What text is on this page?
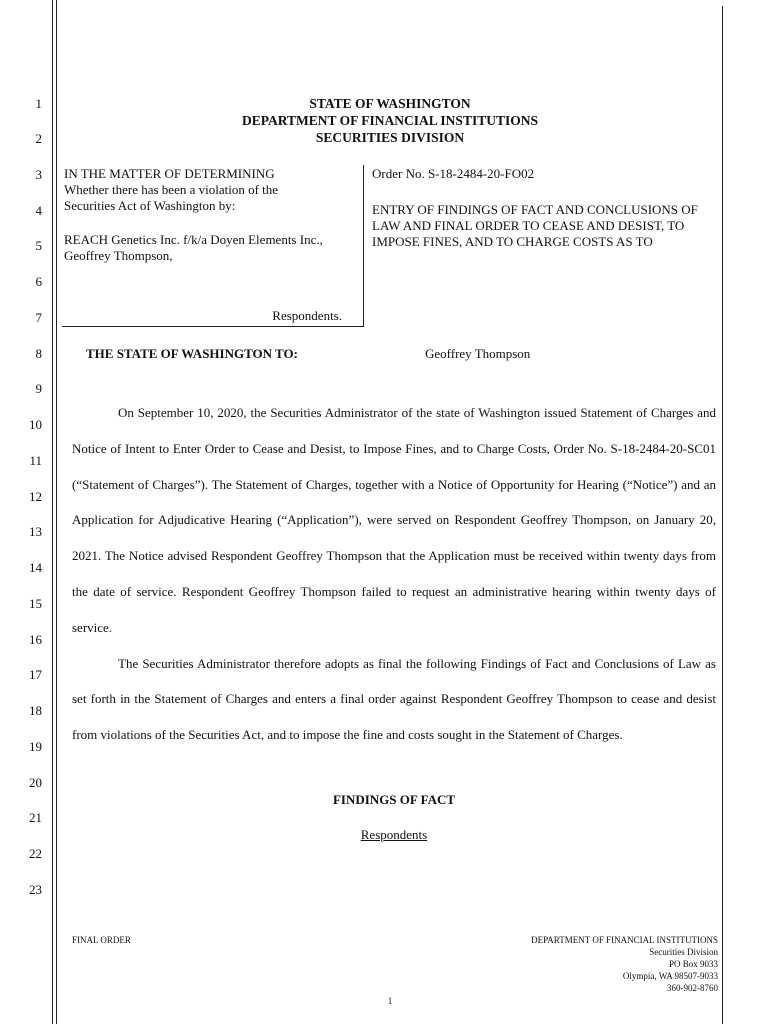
1
2
3
4
5
6
7
8
9
10
11
12
13
14
15
16
17
18
19
20
21
22
23
STATE OF WASHINGTON
DEPARTMENT OF FINANCIAL INSTITUTIONS
SECURITIES DIVISION
IN THE MATTER OF DETERMINING
Whether there has been a violation of the
Securities Act of Washington by:
REACH Genetics Inc. f/k/a Doyen Elements Inc.,
Geoffrey Thompson,
Respondents.
Order No. S-18-2484-20-FO02
ENTRY OF FINDINGS OF FACT AND CONCLUSIONS OF LAW AND FINAL ORDER TO CEASE AND DESIST, TO IMPOSE FINES, AND TO CHARGE COSTS AS TO
THE STATE OF WASHINGTON TO:	Geoffrey Thompson

On September 10, 2020, the Securities Administrator of the state of Washington issued Statement of Charges and Notice of Intent to Enter Order to Cease and Desist, to Impose Fines, and to Charge Costs, Order No. S-18-2484-20-SC01 (“Statement of Charges”). The Statement of Charges, together with a Notice of Opportunity for Hearing (“Notice”) and an Application for Adjudicative Hearing (“Application”), were served on Respondent Geoffrey Thompson, on January 20, 2021. The Notice advised Respondent Geoffrey Thompson that the Application must be received within twenty days from the date of service. Respondent Geoffrey Thompson failed to request an administrative hearing within twenty days of service.

The Securities Administrator therefore adopts as final the following Findings of Fact and Conclusions of Law as set forth in the Statement of Charges and enters a final order against Respondent Geoffrey Thompson to cease and desist from violations of the Securities Act, and to impose the fine and costs sought in the Statement of Charges.

FINDINGS OF FACT
Respondents
FINAL ORDER	DEPARTMENT OF FINANCIAL INSTITUTIONS
Securities Division
PO Box 9033
Olympia, WA 98507-9033
360-902-8760
1
